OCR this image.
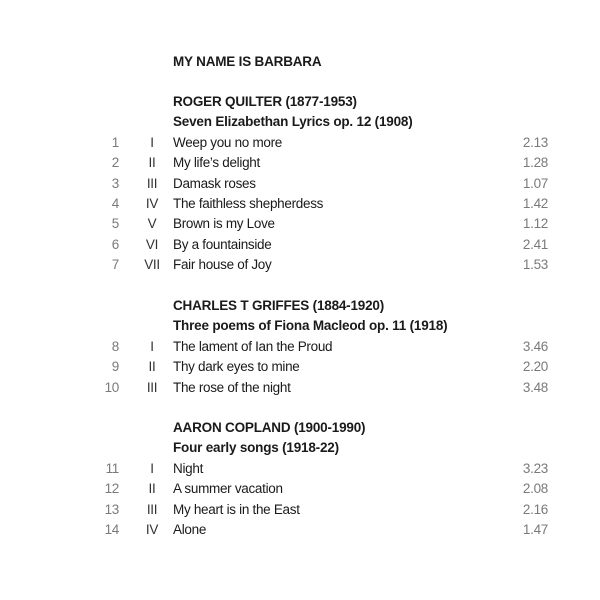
MY NAME IS BARBARA
ROGER QUILTER (1877-1953)
Seven Elizabethan Lyrics op. 12 (1908)
1	I	Weep you no more	2.13
2	II	My life’s delight	1.28
3	III	Damask roses	1.07
4	IV	The faithless shepherdess	1.42
5	V	Brown is my Love	1.12
6	VI	By a fountainside	2.41
7	VII Fair house of Joy	1.53
CHARLES T GRIFFES (1884-1920)
Three poems of Fiona Macleod op. 11 (1918)
8	I	The lament of Ian the Proud	3.46
9	II	Thy dark eyes to mine	2.20
10	III	The rose of the night	3.48
AARON COPLAND (1900-1990)
Four early songs (1918-22)
11	I	Night	3.23
12	II	A summer vacation	2.08
13	III	My heart is in the East	2.16
14	IV	Alone	1.47
